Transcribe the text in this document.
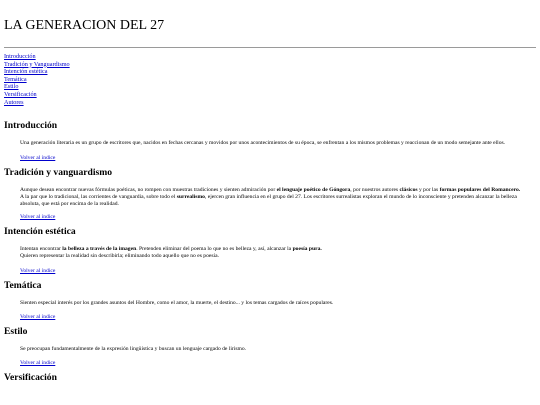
LA GENERACION DEL 27
Introducción
Tradición y Vanguardismo
Intención estética
Temática
Estilo
Versificación
Autores
Introducción

Una generación literaria es un grupo de escritores que, nacidos en fechas cercanas y movidos por unos acontecimientos de su época, se enfrentan a los mismos problemas y reaccionan de un modo semejante ante ellos.

Volver al índice
Tradición y vanguardismo

Aunque desean encontrar nuevas fórmulas poéticas, no rompen con muestras tradiciones y sienten admiración por el lenguaje poético de Góngora, por nuestros autores clásicos y por las formas populares del Romancero.

A la par que lo tradicional, las corrientes de vanguardia, sobre todo el surrealismo, ejercen gran influencia en el grupo del 27. Los escritores surrealistas exploran el mundo de lo inconsciente y pretenden alcanzar la belleza absoluta, que está por encima de la realidad.

Volver al índice
Intención estética

Intentan encontrar la belleza a través de la imagen. Pretenden eliminar del poema lo que no es belleza y, así, alcanzar la poesía pura.

Quieren representar la realidad sin describirla; eliminando todo aquello que no es poesía.

Volver al índice
Temática

Sienten especial interés por los grandes asuntos del Hombre, como el amor, la muerte, el destino... y los temas cargados de raíces populares.

Volver al índice
Estilo

Se preocupan fundamentalmente de la expresión lingüística y buscan un lenguaje cargado de lirismo.

Volver al índice
Versificación
